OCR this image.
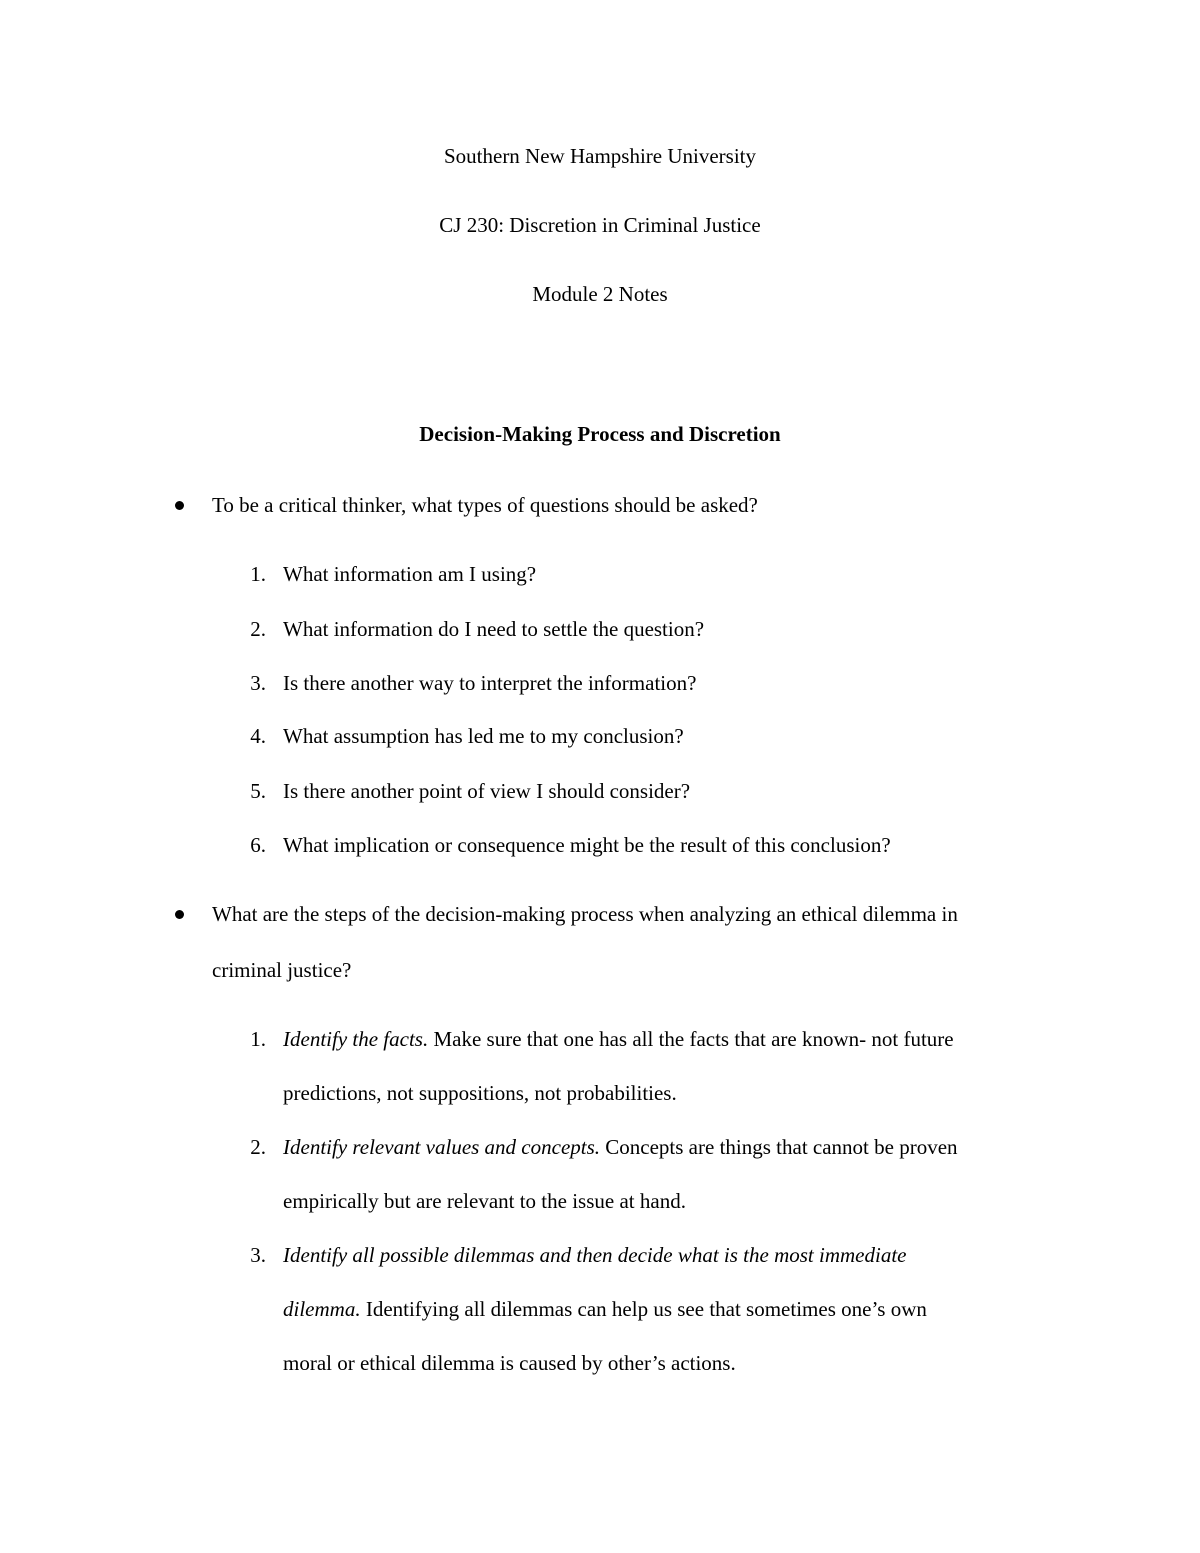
Southern New Hampshire University
CJ 230: Discretion in Criminal Justice
Module 2 Notes
Decision-Making Process and Discretion
To be a critical thinker, what types of questions should be asked?
1. What information am I using?
2. What information do I need to settle the question?
3. Is there another way to interpret the information?
4. What assumption has led me to my conclusion?
5. Is there another point of view I should consider?
6. What implication or consequence might be the result of this conclusion?
What are the steps of the decision-making process when analyzing an ethical dilemma in
criminal justice?
1. Identify the facts. Make sure that one has all the facts that are known- not future
predictions, not suppositions, not probabilities.
2. Identify relevant values and concepts. Concepts are things that cannot be proven
empirically but are relevant to the issue at hand.
3. Identify all possible dilemmas and then decide what is the most immediate
dilemma. Identifying all dilemmas can help us see that sometimes one’s own
moral or ethical dilemma is caused by other’s actions.
